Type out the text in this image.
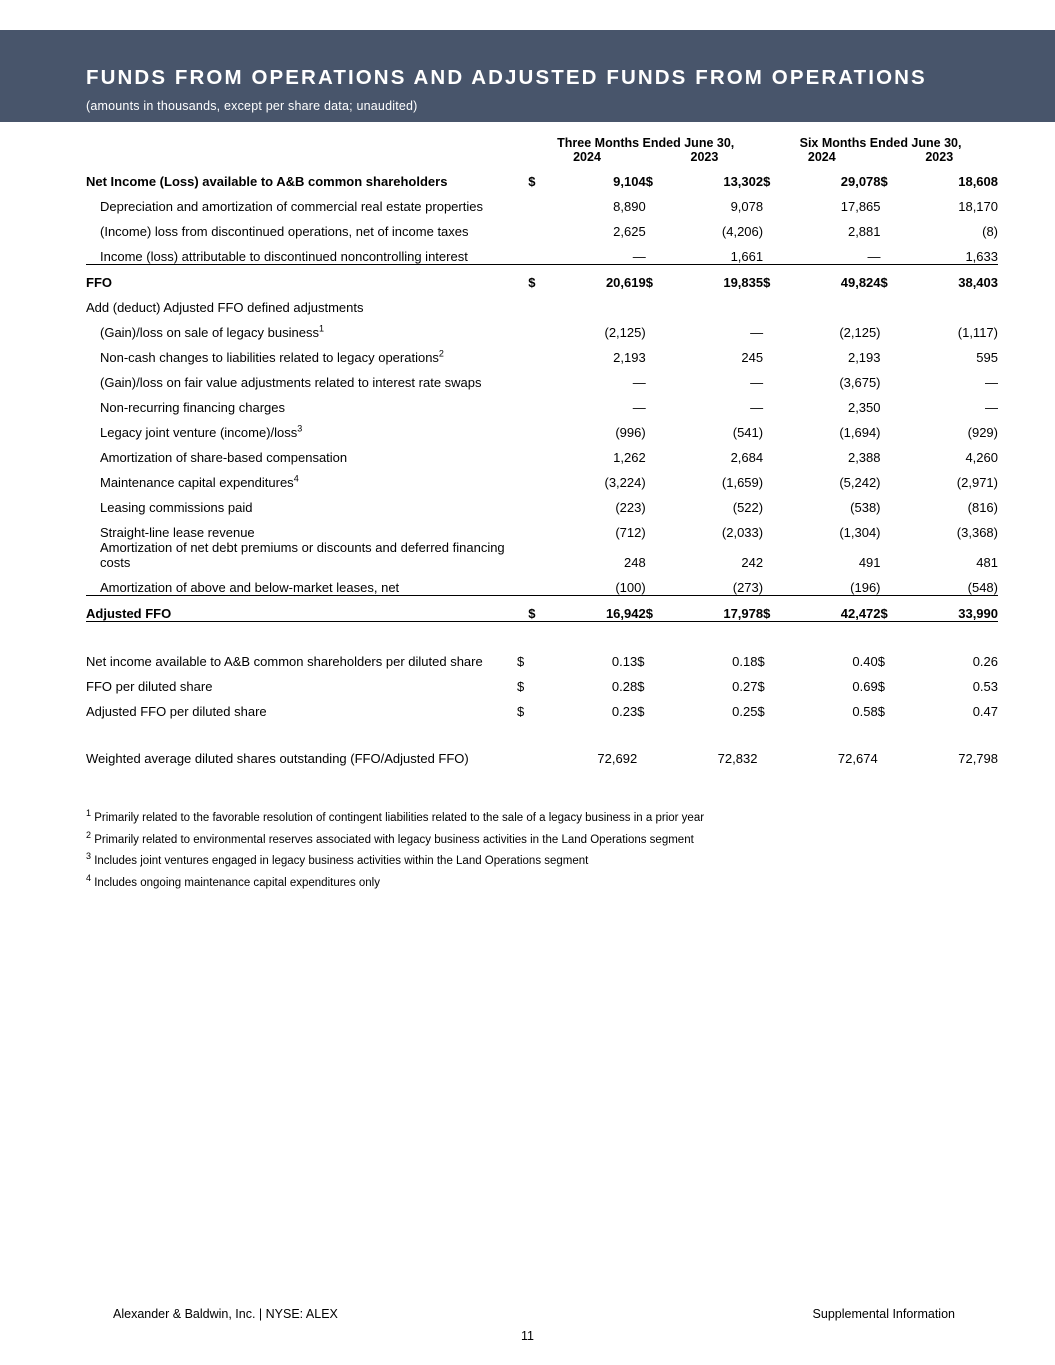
FUNDS FROM OPERATIONS AND ADJUSTED FUNDS FROM OPERATIONS
(amounts in thousands, except per share data; unaudited)
	Three Months Ended June 30,				Six Months Ended June 30,			
	2024		2023		2024		2023	
Net Income (Loss) available to A&B common shareholders	$	9,104	$	13,302	$	29,078	$	18,608
Depreciation and amortization of commercial real estate properties		8,890		9,078		17,865		18,170
(Income) loss from discontinued operations, net of income taxes		2,625		(4,206)		2,881		(8)
Income (loss) attributable to discontinued noncontrolling interest		—		1,661		—		1,633
FFO	$	20,619	$	19,835	$	49,824	$	38,403
Add (deduct) Adjusted FFO defined adjustments								
(Gain)/loss on sale of legacy business$^1$		(2,125)		—		(2,125)		(1,117)
Non-cash changes to liabilities related to legacy operations$^2$		2,193		245		2,193		595
(Gain)/loss on fair value adjustments related to interest rate swaps		—		—		(3,675)		—
Non-recurring financing charges		—		—		2,350		—
Legacy joint venture (income)/loss$^3$		(996)		(541)		(1,694)		(929)
Amortization of share-based compensation		1,262		2,684		2,388		4,260
Maintenance capital expenditures$^4$		(3,224)		(1,659)		(5,242)		(2,971)
Leasing commissions paid		(223)		(522)		(538)		(816)
Straight-line lease revenue		(712)		(2,033)		(1,304)		(3,368)
Amortization of net debt premiums or discounts and deferred financing costs		248		242		491		481
Amortization of above and below-market leases, net		(100)		(273)		(196)		(548)
Adjusted FFO	$	16,942	$	17,978	$	42,472	$	33,990

Net income available to A&B common shareholders per diluted share	$	0.13	$	0.18	$	0.40	$	0.26
FFO per diluted share	$	0.28	$	0.27	$	0.69	$	0.53
Adjusted FFO per diluted share	$	0.23	$	0.25	$	0.58	$	0.47

Weighted average diluted shares outstanding (FFO/Adjusted FFO)		72,692		72,832		72,674		72,798
$^1$ Primarily related to the favorable resolution of contingent liabilities related to the sale of a legacy business in a prior year
$^2$ Primarily related to environmental reserves associated with legacy business activities in the Land Operations segment
$^3$ Includes joint ventures engaged in legacy business activities within the Land Operations segment
$^4$ Includes ongoing maintenance capital expenditures only
Alexander & Baldwin, Inc. | NYSE: ALEX	Supplemental Information
11
